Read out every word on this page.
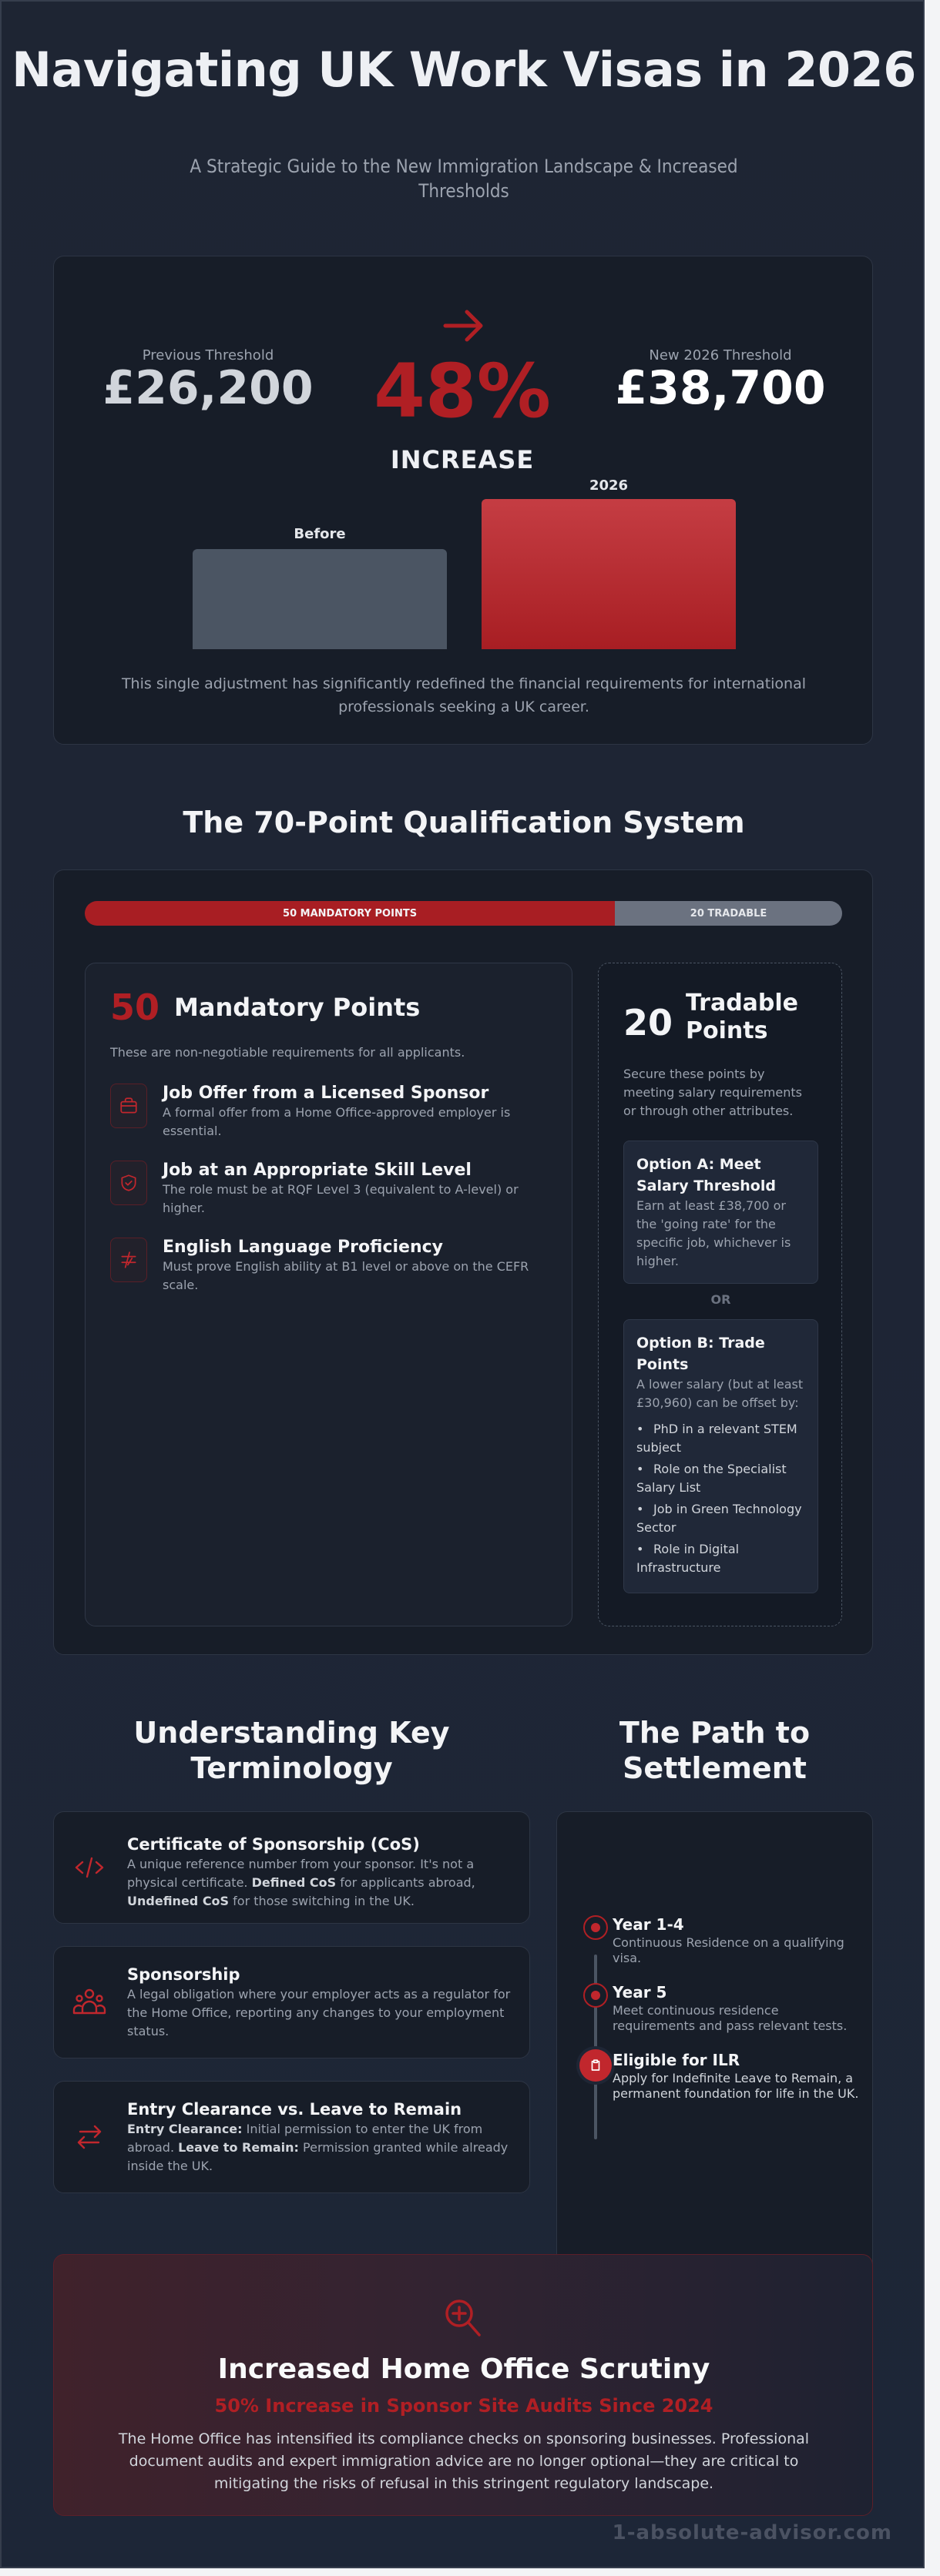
Navigating UK Work Visas in 2026

A Strategic Guide to the New Immigration Landscape & Increased Thresholds

Previous Threshold
£26,200 48%
INCREASE
New 2026 Threshold
£38,700
Before
2026

This single adjustment has significantly redefined the financial requirements for international professionals seeking a UK career.

The 70-Point Qualification System
50 MANDATORY POINTS	20 TRADABLE
50 Mandatory Points
These are non-negotiable requirements for all applicants.
Job Offer from a Licensed Sponsor
A formal offer from a Home Office-approved employer is essential.
Job at an Appropriate Skill Level
The role must be at RQF Level 3 (equivalent to A-level) or higher.
English Language Proficiency
Must prove English ability at B1 level or above on the CEFR scale.
20 Tradable
Points
Secure these points by meeting salary requirements or through other attributes.
Option A: Meet Salary Threshold
Earn at least £38,700 or the 'going rate' for the specific job, whichever is higher.
OR
Option B: Trade Points
A lower salary (but at least £30,960) can be offset by:
• PhD in a relevant STEM subject
• Role on the Specialist Salary List
• Job in Green Technology Sector
• Role in Digital Infrastructure
Understanding Key Terminology
Certificate of Sponsorship (CoS)
A unique reference number from your sponsor. It's not a physical certificate. Defined CoS for applicants abroad, Undefined CoS for those switching in the UK.
Sponsorship
A legal obligation where your employer acts as a regulator for the Home Office, reporting any changes to your employment status.
Entry Clearance vs. Leave to Remain
Entry Clearance: Initial permission to enter the UK from abroad. Leave to Remain: Permission granted while already inside the UK.
The Path to Settlement
Year 1-4
Continuous Residence on a qualifying visa.
Year 5
Meet continuous residence requirements and pass relevant tests.
Eligible for ILR
Apply for Indefinite Leave to Remain, a permanent foundation for life in the UK.
Increased Home Office Scrutiny
50% Increase in Sponsor Site Audits Since 2024

The Home Office has intensified its compliance checks on sponsoring businesses. Professional document audits and expert immigration advice are no longer optional—they are critical to mitigating the risks of refusal in this stringent regulatory landscape.

1-absolute-advisor.com
